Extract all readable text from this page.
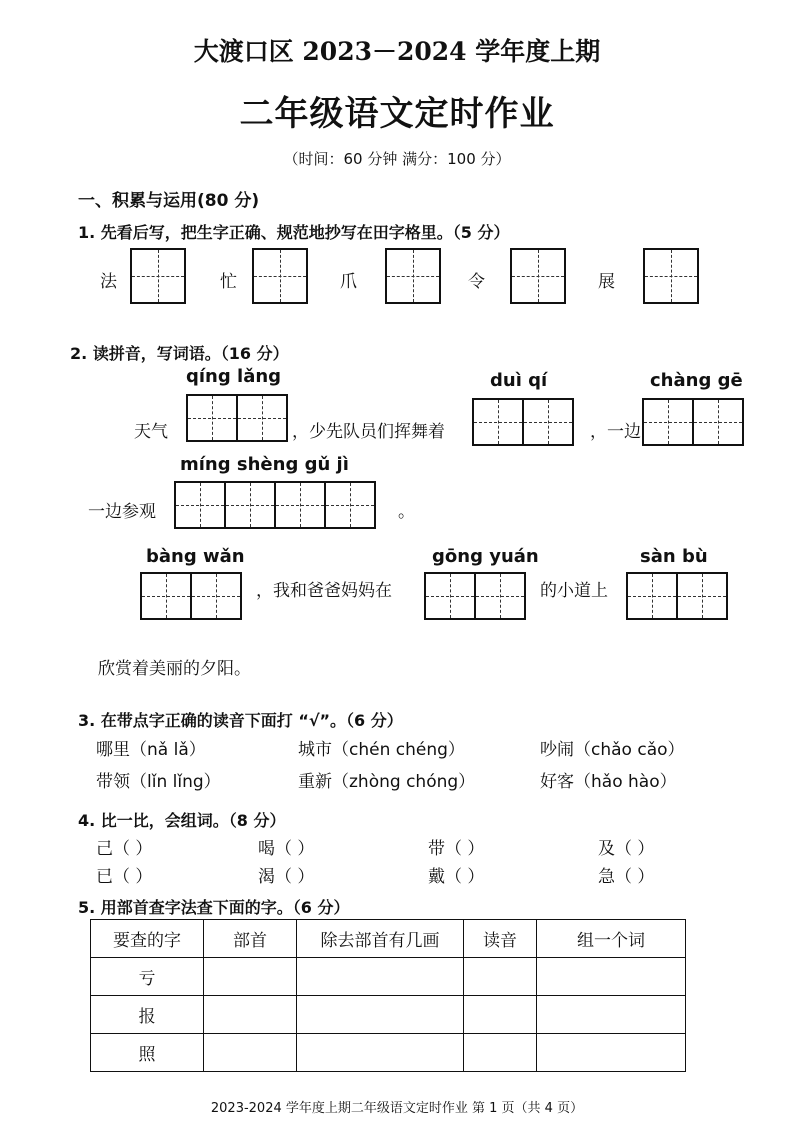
大渡口区 2023－2024 学年度上期
二年级语文定时作业
（时间：60 分钟 满分：100 分）
一、积累与运用(80 分)
1. 先看后写，把生字正确、规范地抄写在田字格里。（5 分）
法	忙	爪	令	展
2. 读拼音，写词语。（16 分）
qíng lǎng
天气	，少先队员们挥舞着
duì qí
，一边
chàng gē
míng shèng gǔ jì
一边参观	。
bàng wǎn
，我和爸爸妈妈在
gōng yuán
的小道上
sàn bù
欣赏着美丽的夕阳。
3. 在带点字正确的读音下面打 “√”。（6 分）
哪里（nǎ lǎ）	城市（chén chéng）	吵闹（chǎo cǎo）
带领（lǐn lǐng）	重新（zhòng chóng）	好客（hǎo hào）
4. 比一比，会组词。（8 分）
己（ ）	喝（ ）	带（ ）	及（ ）
已（ ）	渴（ ）	戴（ ）	急（ ）
5. 用部首查字法查下面的字。（6 分）
要查的字	部首	除去部首有几画	读音	组一个词
亏				
报				
照				
2023-2024 学年度上期二年级语文定时作业 第 1 页（共 4 页）
